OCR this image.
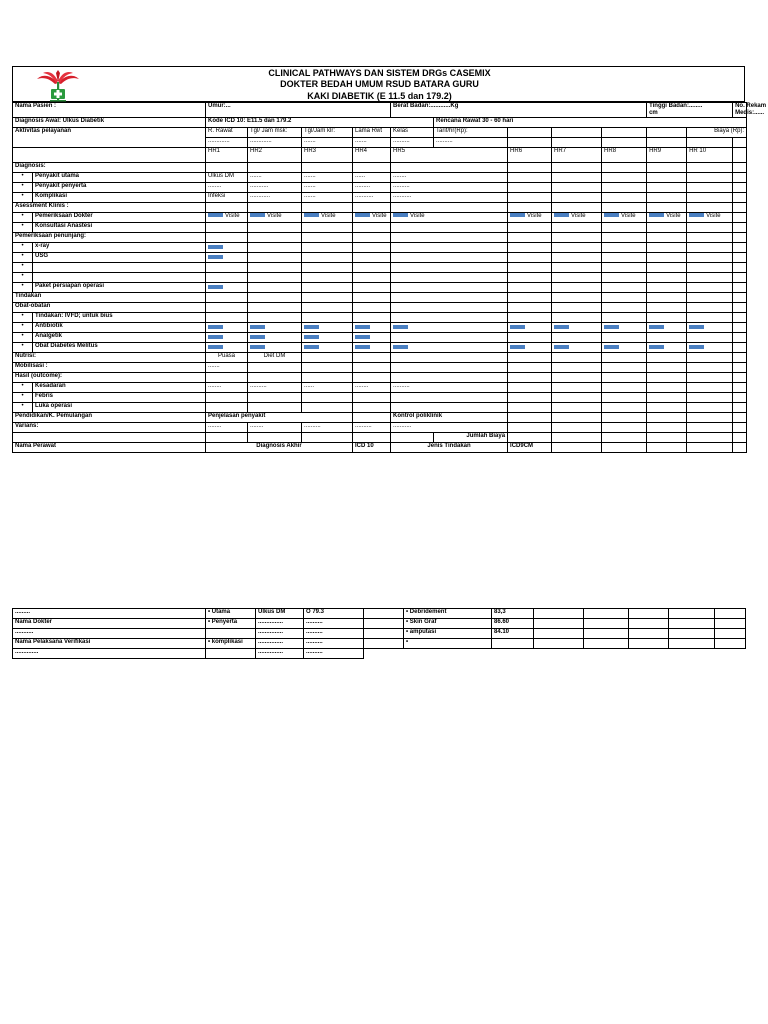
CLINICAL PATHWAYS DAN SISTEM DRGs CASEMIX
DOKTER BEDAH UMUM RSUD BATARA GURU
KAKI DIABETIK (E 11.5 dan 179.2)
Nama Pasien :		Umur:...				Berat Badan:............Kg					Tinggi Badan:........
cm		No. Rekam
Medis:......
Diagnosis Awal: Ulkus Diabetik		Kode ICD 10: E11.5 dan 179.2					Rencana Rawat 30 - 60 hari						
Aktivitas pelayanan		R. Rawat	Tgl/ Jam msk:	Tgl/Jam klr:	Lama Rwt	Kelas	Tarif/hr(Rp):					Biaya (Rp):	
		.............	.............	.......	.......	..........	..........						
		HR1	HR2	HR3	HR4	HR5		HR6	HR7	HR8	HR9	HR 10	
Diagnosis:													
•	Penyakit utama	Ulkus DM	.......	.......	......	........							
•	Penyakit penyerta	........	...........	.......	.........	..........							
•	Komplikasi	Infeksi	............	.......	...........	...........							
Asessment Klinis :													
•	Pemeriksaan Dokter	Visite	Visite	Visite	Visite	Visite		Visite	Visite	Visite	Visite	Visite	
•	Konsultasi Anastesi												
Pemeriksaan penunjang:													
•	x-ray		

•	USG		

•													
•													
•	Paket persiapan operasi		

Tindakan													
Obat-obatan													
•	Tindakan: IVFD; untuk bius												
•	Antibiotik		

•	Analgetik		

•	Obat Diabetes Melitus		

Nutrisi:		Puasa	Diet DM										
Mobilisasi :		.......											
Hasil (outcome):													
•	Kesadaran	........	..........	......	........	..........							
•	Febris												
•	Luka operasi												
Pendidikan/K. Pemulangan		Penjelasan penyakit				Kontrol poliklinik							
Varians:		........	........	..........	..........	...........							
							Jumlah Biaya						
Nama Perawat		Diagnosis Akhir			ICD 10	Jenis Tindakan		ICD9CM					
.........	• Utama	Ulkus DM	O 79.3		• Debridement	83,3					
Nama Dokter	• Penyerta	...............	..........		• Skin Graf	86.60					
...........		...............	..........		• amputasi	84.10					
Nama Pelaksana Verifikasi	• komplikasi	...............	..........		•						
..............		...............	..........								
